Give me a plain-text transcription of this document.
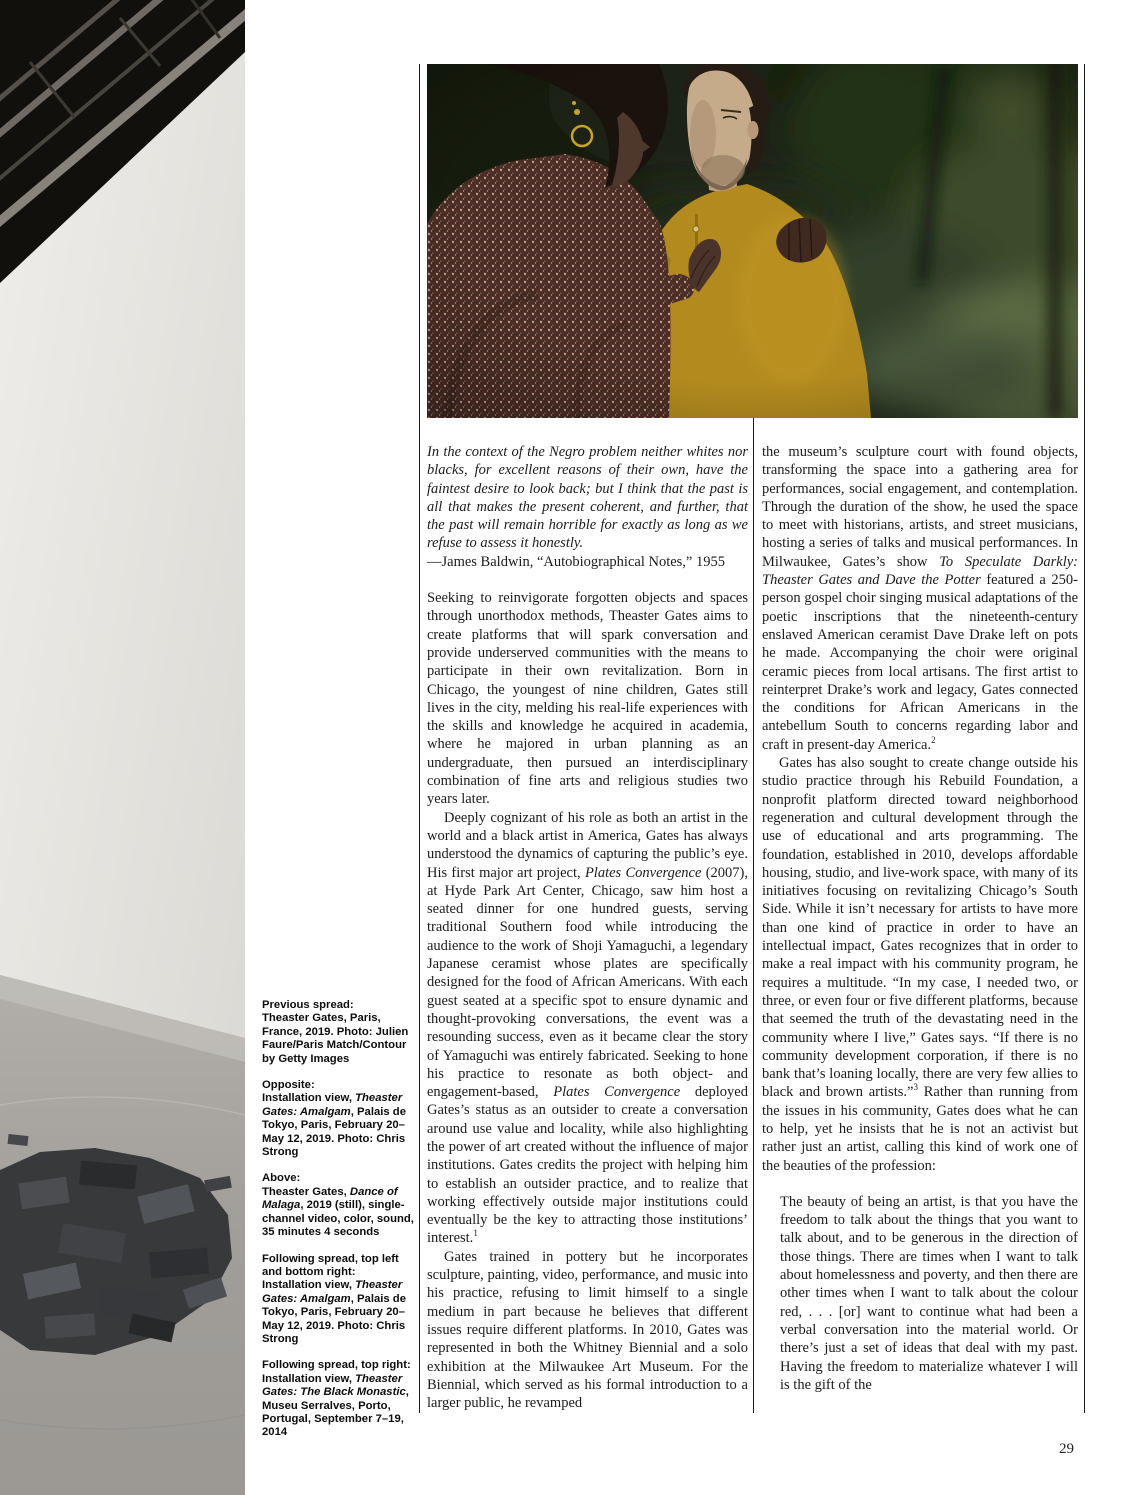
Previous spread:
Theaster Gates, Paris, France, 2019. Photo: Julien Faure/Paris Match/Contour by Getty Images
Opposite:
Installation view, Theaster Gates: Amalgam, Palais de Tokyo, Paris, February 20–May 12, 2019. Photo: Chris Strong
Above:
Theaster Gates, Dance of Malaga, 2019 (still), single-channel video, color, sound, 35 minutes 4 seconds
Following spread, top left and bottom right:
Installation view, Theaster Gates: Amalgam, Palais de Tokyo, Paris, February 20–May 12, 2019. Photo: Chris Strong
Following spread, top right:
Installation view, Theaster Gates: The Black Monastic, Museu Serralves, Porto, Portugal, September 7–19, 2014
In the context of the Negro problem neither whites nor blacks, for excellent reasons of their own, have the faintest desire to look back; but I think that the past is all that makes the present coherent, and further, that the past will remain horrible for exactly as long as we refuse to assess it honestly.
—James Baldwin, “Autobiographical Notes,” 1955

Seeking to reinvigorate forgotten objects and spaces through unorthodox methods, Theaster Gates aims to create platforms that will spark conversation and provide underserved communities with the means to participate in their own revitalization. Born in Chicago, the youngest of nine children, Gates still lives in the city, melding his real-life experiences with the skills and knowledge he acquired in academia, where he majored in urban planning as an undergraduate, then pursued an interdisciplinary combination of fine arts and religious studies two years later.

Deeply cognizant of his role as both an artist in the world and a black artist in America, Gates has always understood the dynamics of capturing the public’s eye. His first major art project, Plates Convergence (2007), at Hyde Park Art Center, Chicago, saw him host a seated dinner for one hundred guests, serving traditional Southern food while introducing the audience to the work of Shoji Yamaguchi, a legendary Japanese ceramist whose plates are specifically designed for the food of African Americans. With each guest seated at a specific spot to ensure dynamic and thought-provoking conversations, the event was a resounding success, even as it became clear the story of Yamaguchi was entirely fabricated. Seeking to hone his practice to resonate as both object- and engagement-based, Plates Convergence deployed Gates’s status as an outsider to create a conversation around use value and locality, while also highlighting the power of art created without the influence of major institutions. Gates credits the project with helping him to establish an outsider practice, and to realize that working effectively outside major institutions could eventually be the key to attracting those institutions’ interest.$^1$

Gates trained in pottery but he incorporates sculpture, painting, video, performance, and music into his practice, refusing to limit himself to a single medium in part because he believes that different issues require different platforms. In 2010, Gates was represented in both the Whitney Biennial and a solo exhibition at the Milwaukee Art Museum. For the Biennial, which served as his formal introduction to a larger public, he revamped

the museum’s sculpture court with found objects, transforming the space into a gathering area for performances, social engagement, and contemplation. Through the duration of the show, he used the space to meet with historians, artists, and street musicians, hosting a series of talks and musical performances. In Milwaukee, Gates’s show To Speculate Darkly: Theaster Gates and Dave the Potter featured a 250-person gospel choir singing musical adaptations of the poetic inscriptions that the nineteenth-century enslaved American ceramist Dave Drake left on pots he made. Accompanying the choir were original ceramic pieces from local artisans. The first artist to reinterpret Drake’s work and legacy, Gates connected the conditions for African Americans in the antebellum South to concerns regarding labor and craft in present-day America.$^2$

Gates has also sought to create change outside his studio practice through his Rebuild Foundation, a nonprofit platform directed toward neighborhood regeneration and cultural development through the use of educational and arts programming. The foundation, established in 2010, develops affordable housing, studio, and live-work space, with many of its initiatives focusing on revitalizing Chicago’s South Side. While it isn’t necessary for artists to have more than one kind of practice in order to have an intellectual impact, Gates recognizes that in order to make a real impact with his community program, he requires a multitude. “In my case, I needed two, or three, or even four or five different platforms, because that seemed the truth of the devastating need in the community where I live,” Gates says. “If there is no community development corporation, if there is no bank that’s loaning locally, there are very few allies to black and brown artists.”$^3$ Rather than running from the issues in his community, Gates does what he can to help, yet he insists that he is not an activist but rather just an artist, calling this kind of work one of the beauties of the profession:

The beauty of being an artist, is that you have the freedom to talk about the things that you want to talk about, and to be generous in the direction of those things. There are times when I want to talk about homelessness and poverty, and then there are other times when I want to talk about the colour red, . . . [or] want to continue what had been a verbal conversation into the material world. Or there’s just a set of ideas that deal with my past. Having the freedom to materialize whatever I will is the gift of the

29
